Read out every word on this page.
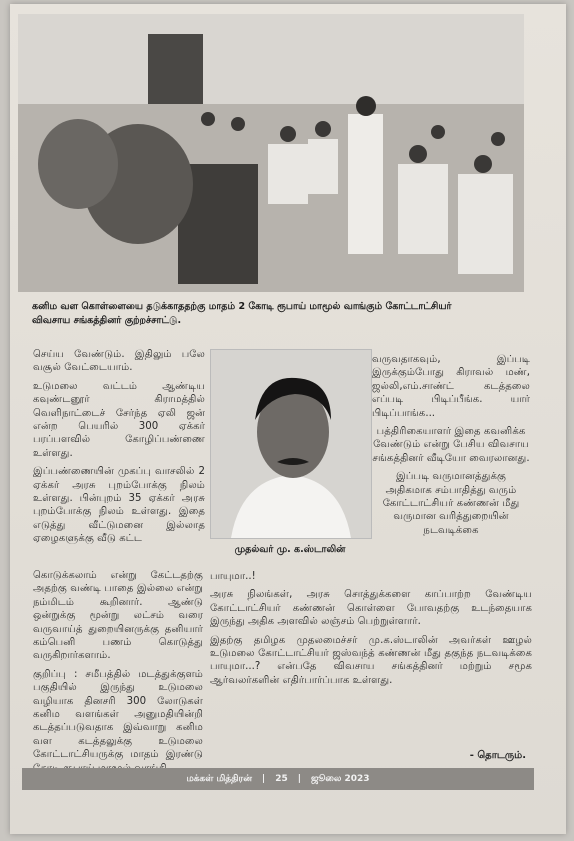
கனிம வள கொள்ளையை தடுக்காததற்கு மாதம் 2 கோடி ரூபாய் மாமூல் வாங்கும் கோட்டாட்சியர்
விவசாய சங்கத்தினர் குற்றச்சாட்டு.

செய்ய வேண்டும். இதிலும் பலே வசூல் வேட்டையாம்.

உடுமலை வட்டம் ஆண்டிய கவுண்டனூர் கிராமத்தில் வெளிநாட்டைச் சேர்ந்த ஏலி ஜன் என்ற பெயரில் 300 ஏக்கர் பரப்பளவில் கோழிப்பண்ணை உள்ளது.

இப்பண்ணையின் முகப்பு வாசலில் 2 ஏக்கர் அரசு புறம்போக்கு நிலம் உள்ளது. பின்புறம் 35 ஏக்கர் அரசு புறம்போக்கு நிலம் உள்ளது. இதை எடுத்து வீட்டுமனை இல்லாத ஏழைகளுக்கு வீடு கட்ட

முதல்வர் மு. க.ஸ்டாலின்

வருவதாகவும், இப்படி இருக்கும்போது கிராவல் மண், ஜல்லி,எம்.சாண்ட் கடத்தலை எப்படி பிடிப்பீங்க. யார் பிடிப்பாங்க...

பத்திரிகையாளர் இதை கவனிக்க வேண்டும் என்று பேசிய விவசாய சங்கத்தினர் வீடியோ வைரலானது.

இப்படி வருமானத்துக்கு அதிகமாக சம்பாதித்து வரும் கோட்டாட்சியர் கண்ணன் மீது வருமான வரித்துறையின் நடவடிக்கை

கொடுக்கலாம் என்று கேட்டதற்கு அதற்கு வண்டி பாதை இல்லை என்று நம்மிடம் கூறினார். ஆண்டு ஒன்றுக்கு மூன்று லட்சம் வரை வருவாய்த் துறையினருக்கு தனியார் கம்பெனி பணம் கொடுத்து வருகிறார்களாம்.

குறிப்பு : சமீபத்தில் மடத்துக்குளம் பகுதியில் இருந்து உடுமலை வழியாக தினசரி 300 லோடுகள் கனிம வளங்கள் அனுமதியின்றி கடத்தப்படுவதாக இவ்வாறு கனிம வள கடத்தலுக்கு உடுமலை கோட்டாட்சியருக்கு மாதம் இரண்டு

பாயுமா..!

அரசு நிலங்கள், அரசு சொத்துக்களை காப்பாற்ற வேண்டிய கோட்டாட்சியர் கண்ணன் கொள்ளை போவதற்கு உடந்தையாக இருந்து அதிக அளவில் லஞ்சம் பெற்றுள்ளார்.

இதற்கு தமிழக முதலமைச்சர் மு.க.ஸ்டாலின் அவர்கள் ஊழல் உடுமலை கோட்டாட்சியர் ஜஸ்வந்த் கண்ணன் மீது தகுந்த நடவடிக்கை பாயுமா...? என்பதே விவசாய சங்கத்தினர் மற்றும் சமூக ஆர்வலர்களின் எதிர்பார்ப்பாக உள்ளது.

- தொடரும்.
மக்கள் மித்திரன் | 25 | ஜூலை 2023
